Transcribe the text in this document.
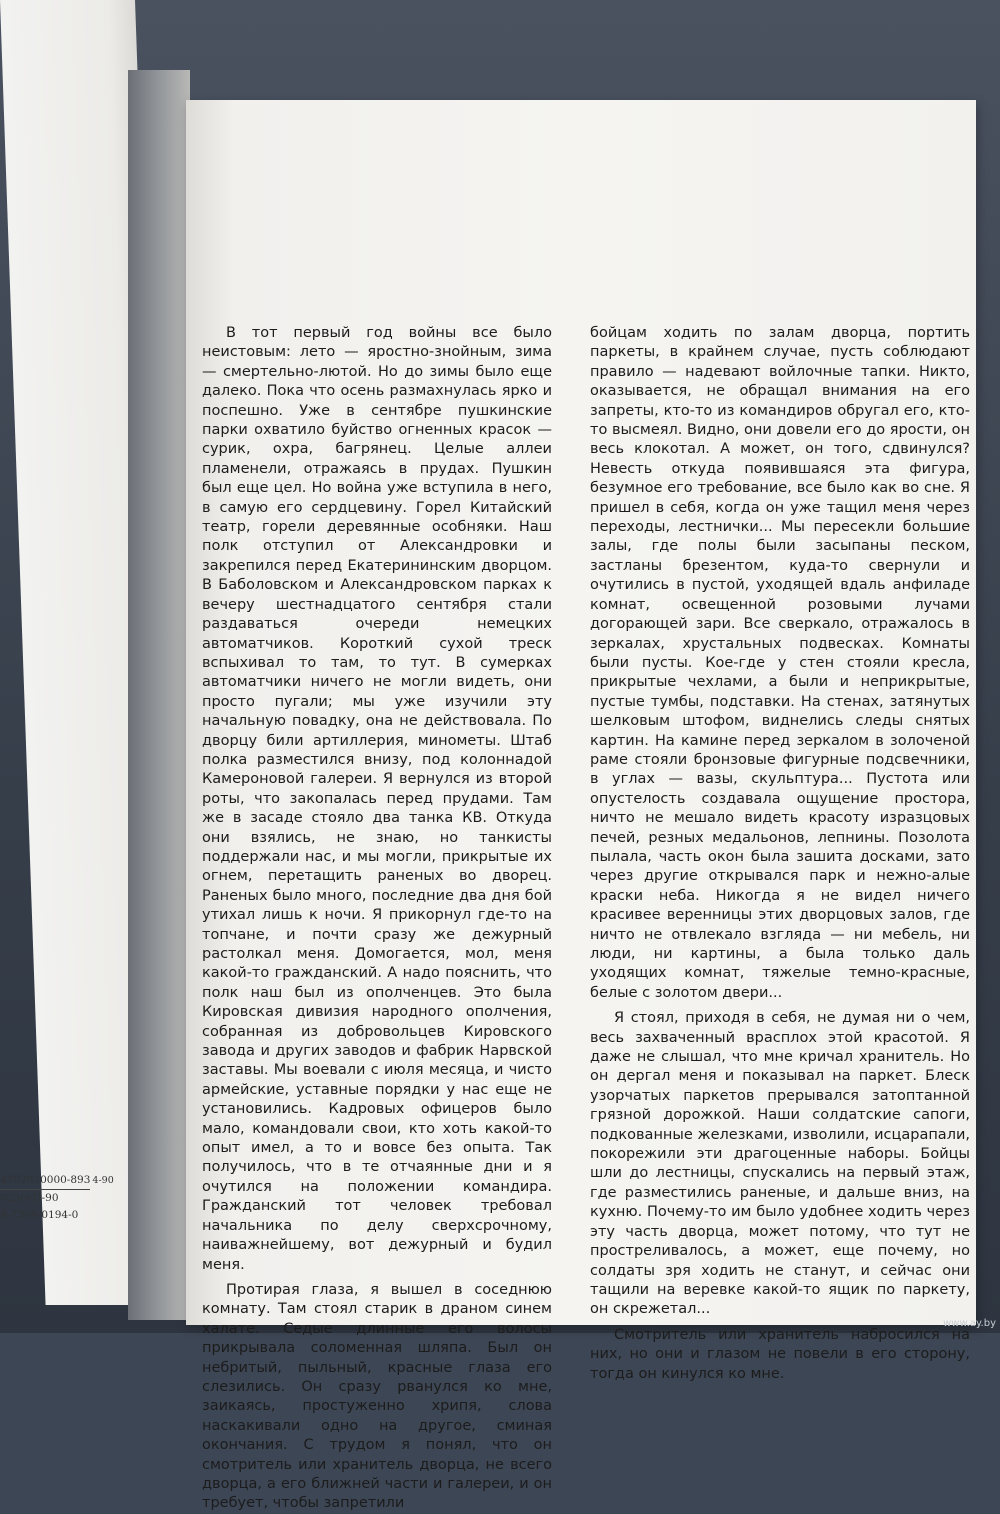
4702020000-893 4-90
023(01)-90
S-7300-0194-0

В тот первый год войны все было неистовым: лето — яростно-знойным, зима — смертельно-лютой. Но до зимы было еще далеко. Пока что осень размахнулась ярко и поспешно. Уже в сентябре пушкинские парки охватило буйство огненных красок — сурик, охра, багрянец. Целые аллеи пламенели, отражаясь в прудах. Пушкин был еще цел. Но война уже вступила в него, в самую его сердцевину. Горел Китайский театр, горели деревянные особняки. Наш полк отступил от Александровки и закрепился перед Екатерининским дворцом. В Баболовском и Александровском парках к вечеру шестнадцатого сентября стали раздаваться очереди немецких автоматчиков. Короткий сухой треск вспыхивал то там, то тут. В сумерках автоматчики ничего не могли видеть, они просто пугали; мы уже изучили эту начальную повадку, она не действовала. По дворцу били артиллерия, минометы. Штаб полка разместился внизу, под колоннадой Камероновой галереи. Я вернулся из второй роты, что закопалась перед прудами. Там же в засаде стояло два танка КВ. Откуда они взялись, не знаю, но танкисты поддержали нас, и мы могли, прикрытые их огнем, перетащить раненых во дворец. Раненых было много, последние два дня бой утихал лишь к ночи. Я прикорнул где-то на топчане, и почти сразу же дежурный растолкал меня. Домогается, мол, меня какой-то гражданский. А надо пояснить, что полк наш был из ополченцев. Это была Кировская дивизия народного ополчения, собранная из добровольцев Кировского завода и других заводов и фабрик Нарвской заставы. Мы воевали с июля месяца, и чисто армейские, уставные порядки у нас еще не установились. Кадровых офицеров было мало, командовали свои, кто хоть какой-то опыт имел, а то и вовсе без опыта. Так получилось, что в те отчаянные дни и я очутился на положении командира. Гражданский тот человек требовал начальника по делу сверхсрочному, наиважнейшему, вот дежурный и будил меня.

Протирая глаза, я вышел в соседнюю комнату. Там стоял старик в драном синем халате. Седые длинные его волосы прикрывала соломенная шляпа. Был он небритый, пыльный, красные глаза его слезились. Он сразу рванулся ко мне, заикаясь, простуженно хрипя, слова наскакивали одно на другое, сминая окончания. С трудом я понял, что он смотритель или хранитель дворца, не всего дворца, а его ближней части и галереи, и он требует, чтобы запретили

бойцам ходить по залам дворца, портить паркеты, в крайнем случае, пусть соблюдают правило — надевают войлочные тапки. Никто, оказывается, не обращал внимания на его запреты, кто-то из командиров обругал его, кто-то высмеял. Видно, они довели его до ярости, он весь клокотал. А может, он того, сдвинулся? Невесть откуда появившаяся эта фигура, безумное его требование, все было как во сне. Я пришел в себя, когда он уже тащил меня через переходы, лестнички... Мы пересекли большие залы, где полы были засыпаны песком, застланы брезентом, куда-то свернули и очутились в пустой, уходящей вдаль анфиладе комнат, освещенной розовыми лучами догорающей зари. Все сверкало, отражалось в зеркалах, хрустальных подвесках. Комнаты были пусты. Кое-где у стен стояли кресла, прикрытые чехлами, а были и неприкрытые, пустые тумбы, подставки. На стенах, затянутых шелковым штофом, виднелись следы снятых картин. На камине перед зеркалом в золоченой раме стояли бронзовые фигурные подсвечники, в углах — вазы, скульптура... Пустота или опустелость создавала ощущение простора, ничто не мешало видеть красоту изразцовых печей, резных медальонов, лепнины. Позолота пылала, часть окон была зашита досками, зато через другие открывался парк и нежно-алые краски неба. Никогда я не видел ничего красивее веренницы этих дворцовых залов, где ничто не отвлекало взгляда — ни мебель, ни люди, ни картины, а была только даль уходящих комнат, тяжелые темно-красные, белые с золотом двери...

Я стоял, приходя в себя, не думая ни о чем, весь захваченный врасплох этой красотой. Я даже не слышал, что мне кричал хранитель. Но он дергал меня и показывал на паркет. Блеск узорчатых паркетов прерывался затоптанной грязной дорожкой. Наши солдатские сапоги, подкованные железками, изволили, исцарапали, покорежили эти драгоценные наборы. Бойцы шли до лестницы, спускались на первый этаж, где разместились раненые, и дальше вниз, на кухню. Почему-то им было удобнее ходить через эту часть дворца, может потому, что тут не простреливалось, а может, еще почему, но солдаты зря ходить не станут, и сейчас они тащили на веревке какой-то ящик по паркету, он скрежетал...

Смотритель или хранитель набросился на них, но они и глазом не повели в его сторону, тогда он кинулся ко мне.

www.ay.by
